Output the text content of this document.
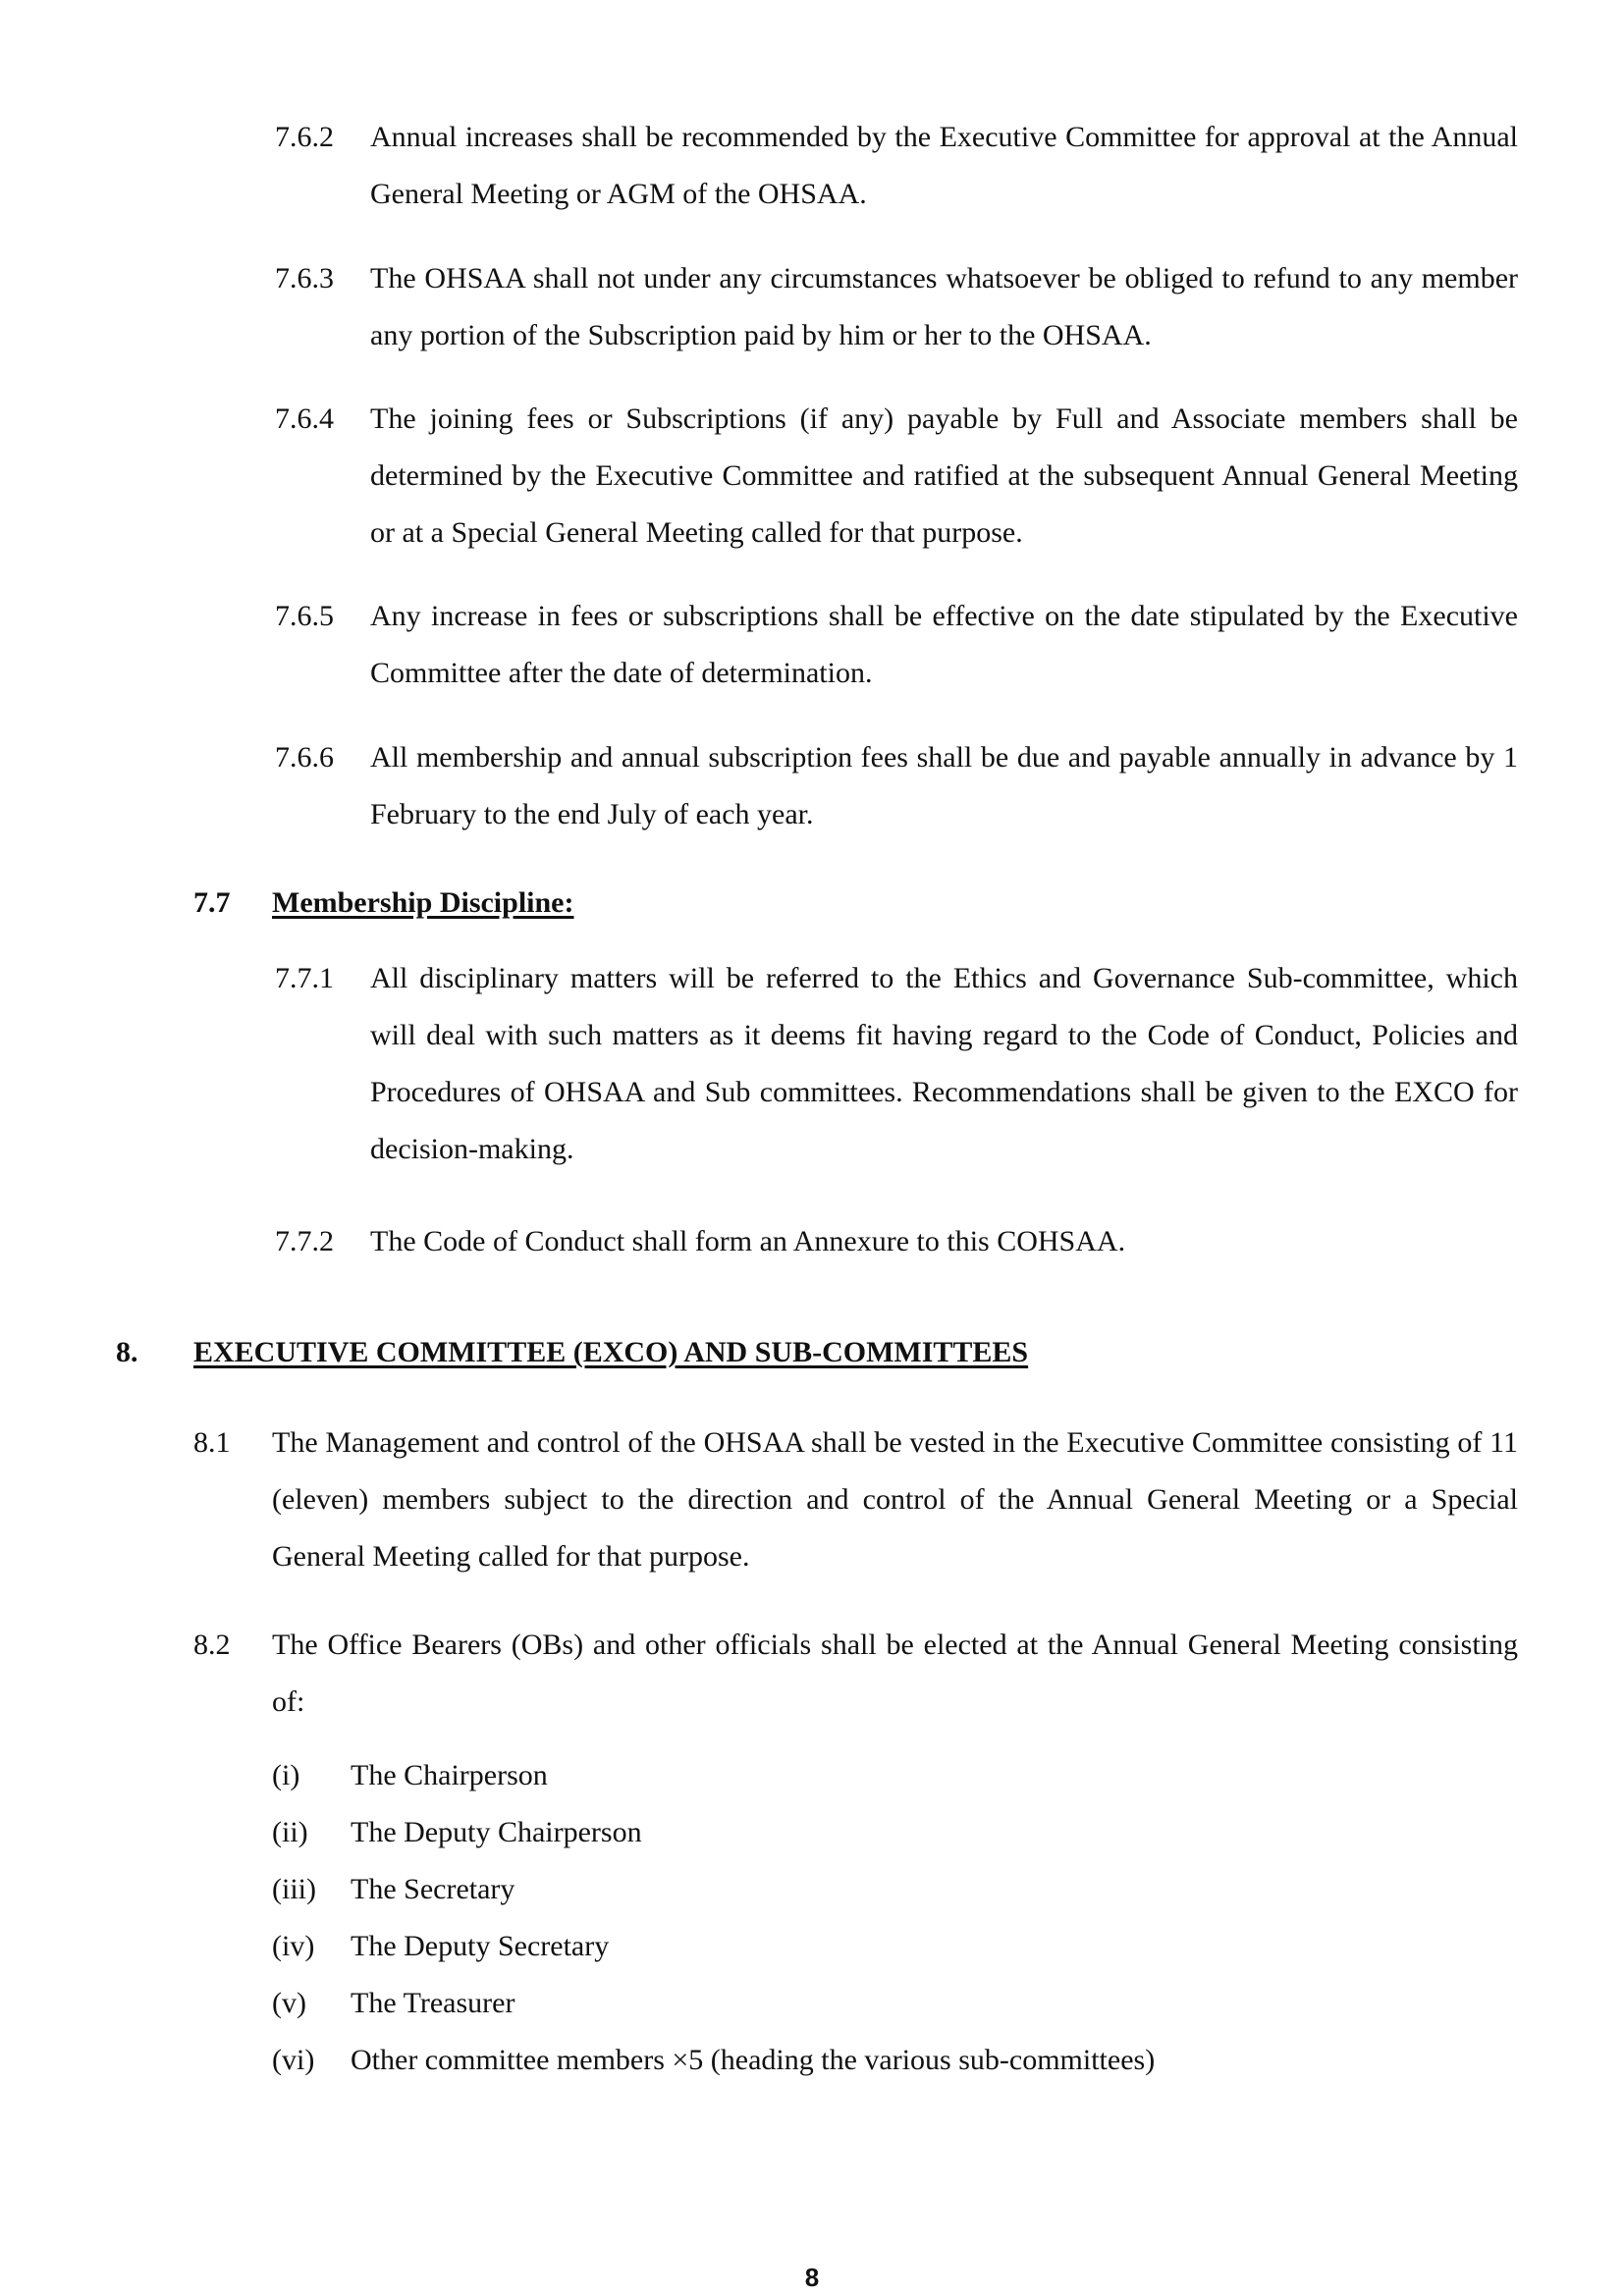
7.6.2 Annual increases shall be recommended by the Executive Committee for approval at the Annual General Meeting or AGM of the OHSAA.
7.6.3 The OHSAA shall not under any circumstances whatsoever be obliged to refund to any member any portion of the Subscription paid by him or her to the OHSAA.
7.6.4 The joining fees or Subscriptions (if any) payable by Full and Associate members shall be determined by the Executive Committee and ratified at the subsequent Annual General Meeting or at a Special General Meeting called for that purpose.
7.6.5 Any increase in fees or subscriptions shall be effective on the date stipulated by the Executive Committee after the date of determination.
7.6.6 All membership and annual subscription fees shall be due and payable annually in advance by 1 February to the end July of each year.
7.7 Membership Discipline:
7.7.1 All disciplinary matters will be referred to the Ethics and Governance Sub-committee, which will deal with such matters as it deems fit having regard to the Code of Conduct, Policies and Procedures of OHSAA and Sub committees. Recommendations shall be given to the EXCO for decision-making.
7.7.2 The Code of Conduct shall form an Annexure to this COHSAA.
8. EXECUTIVE COMMITTEE (EXCO) AND SUB-COMMITTEES
8.1 The Management and control of the OHSAA shall be vested in the Executive Committee consisting of 11 (eleven) members subject to the direction and control of the Annual General Meeting or a Special General Meeting called for that purpose.
8.2 The Office Bearers (OBs) and other officials shall be elected at the Annual General Meeting consisting of:
(i) The Chairperson
(ii) The Deputy Chairperson
(iii) The Secretary
(iv) The Deputy Secretary
(v) The Treasurer
(vi) Other committee members ×5 (heading the various sub-committees)
8
